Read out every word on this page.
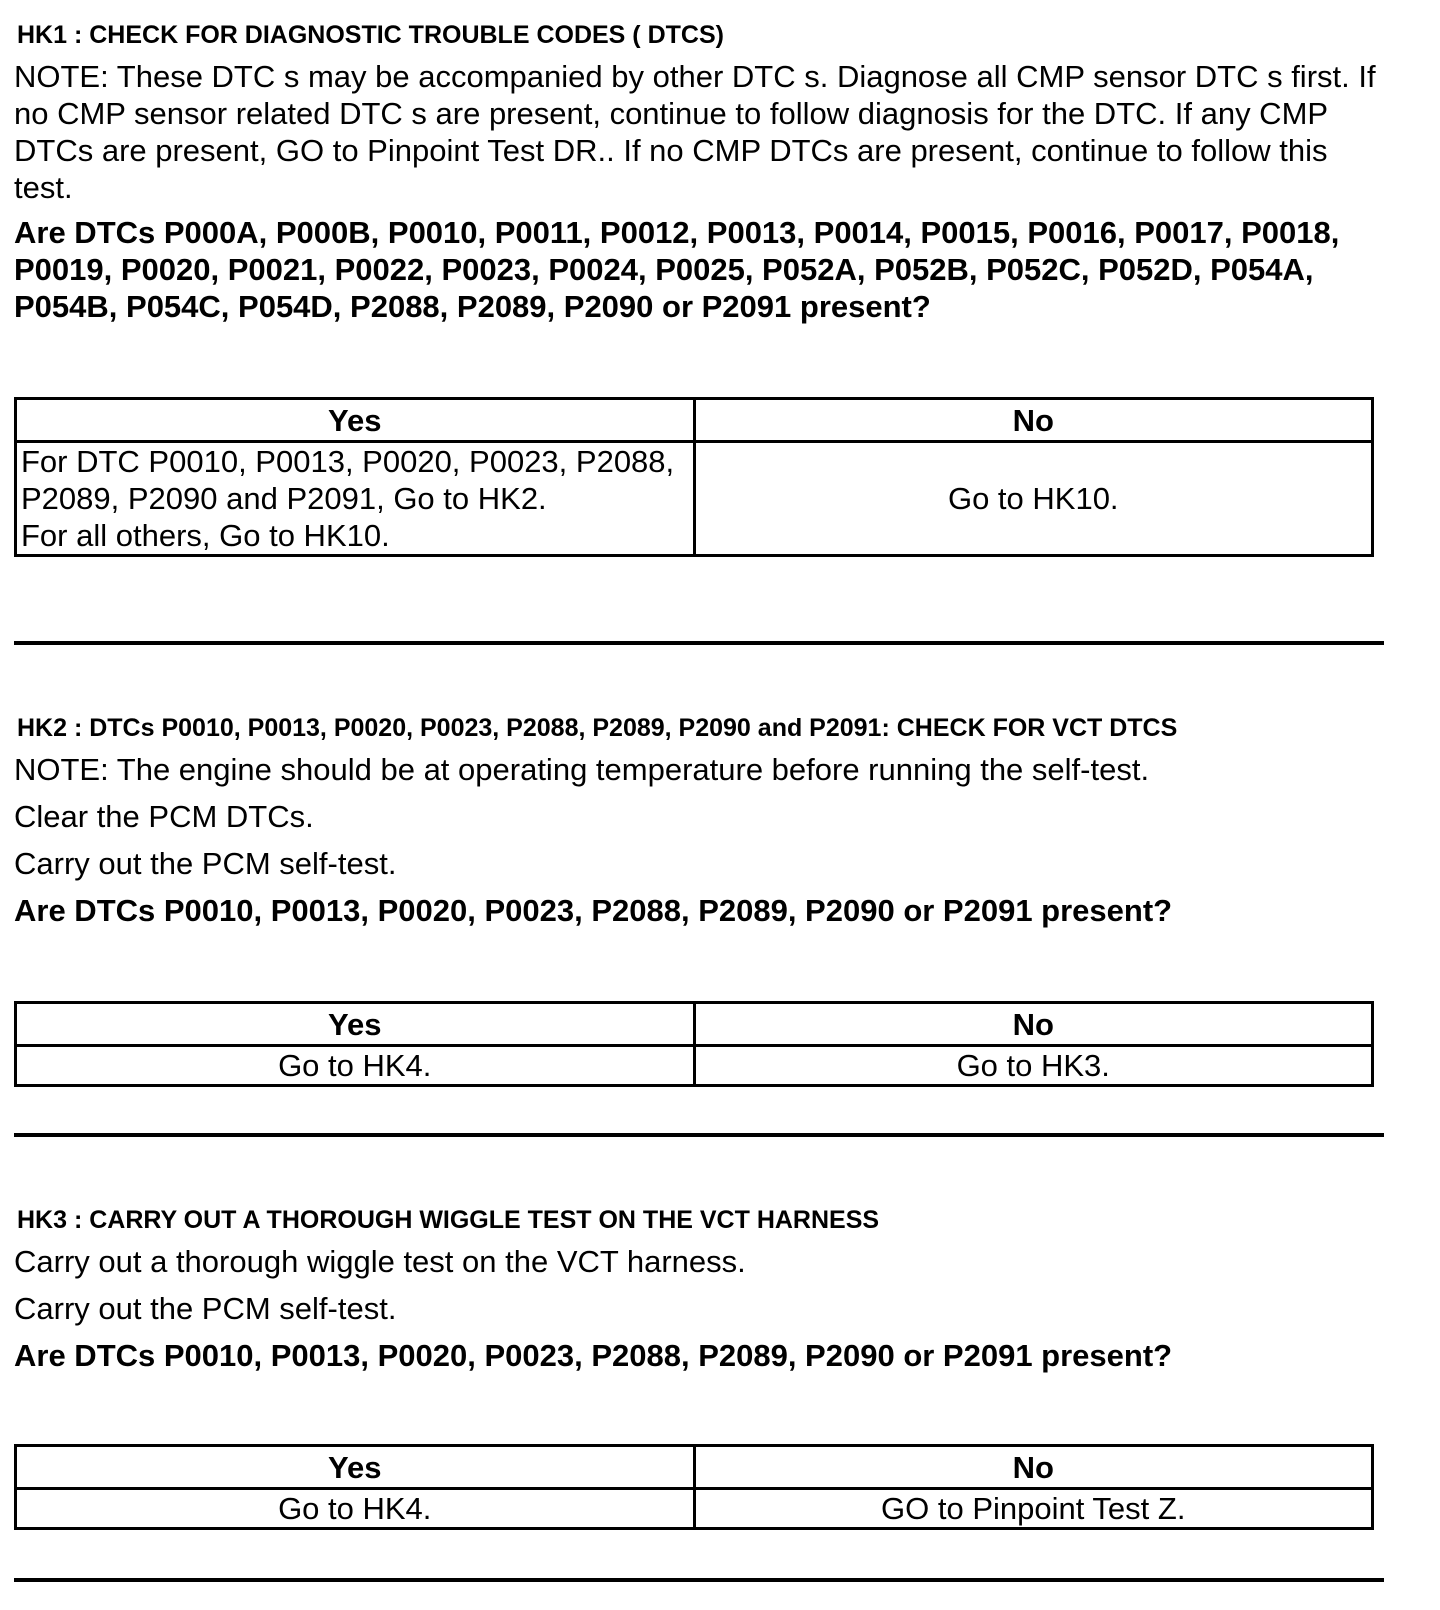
HK1 : CHECK FOR DIAGNOSTIC TROUBLE CODES ( DTCS)

NOTE: These DTC s may be accompanied by other DTC s. Diagnose all CMP sensor DTC s first. If no CMP sensor related DTC s are present, continue to follow diagnosis for the DTC. If any CMP DTCs are present, GO to Pinpoint Test DR.. If no CMP DTCs are present, continue to follow this test.

Are DTCs P000A, P000B, P0010, P0011, P0012, P0013, P0014, P0015, P0016, P0017, P0018, P0019, P0020, P0021, P0022, P0023, P0024, P0025, P052A, P052B, P052C, P052D, P054A, P054B, P054C, P054D, P2088, P2089, P2090 or P2091 present?

Yes	No
For DTC P0010, P0013, P0020, P0023, P2088, P2089, P2090 and P2091, Go to HK2.
For all others, Go to HK10.	Go to HK10.
HK2 : DTCs P0010, P0013, P0020, P0023, P2088, P2089, P2090 and P2091: CHECK FOR VCT DTCS

NOTE: The engine should be at operating temperature before running the self-test.

Clear the PCM DTCs.

Carry out the PCM self-test.

Are DTCs P0010, P0013, P0020, P0023, P2088, P2089, P2090 or P2091 present?

Yes	No
Go to HK4.	Go to HK3.
HK3 : CARRY OUT A THOROUGH WIGGLE TEST ON THE VCT HARNESS

Carry out a thorough wiggle test on the VCT harness.

Carry out the PCM self-test.

Are DTCs P0010, P0013, P0020, P0023, P2088, P2089, P2090 or P2091 present?

Yes	No
Go to HK4.	GO to Pinpoint Test Z.
